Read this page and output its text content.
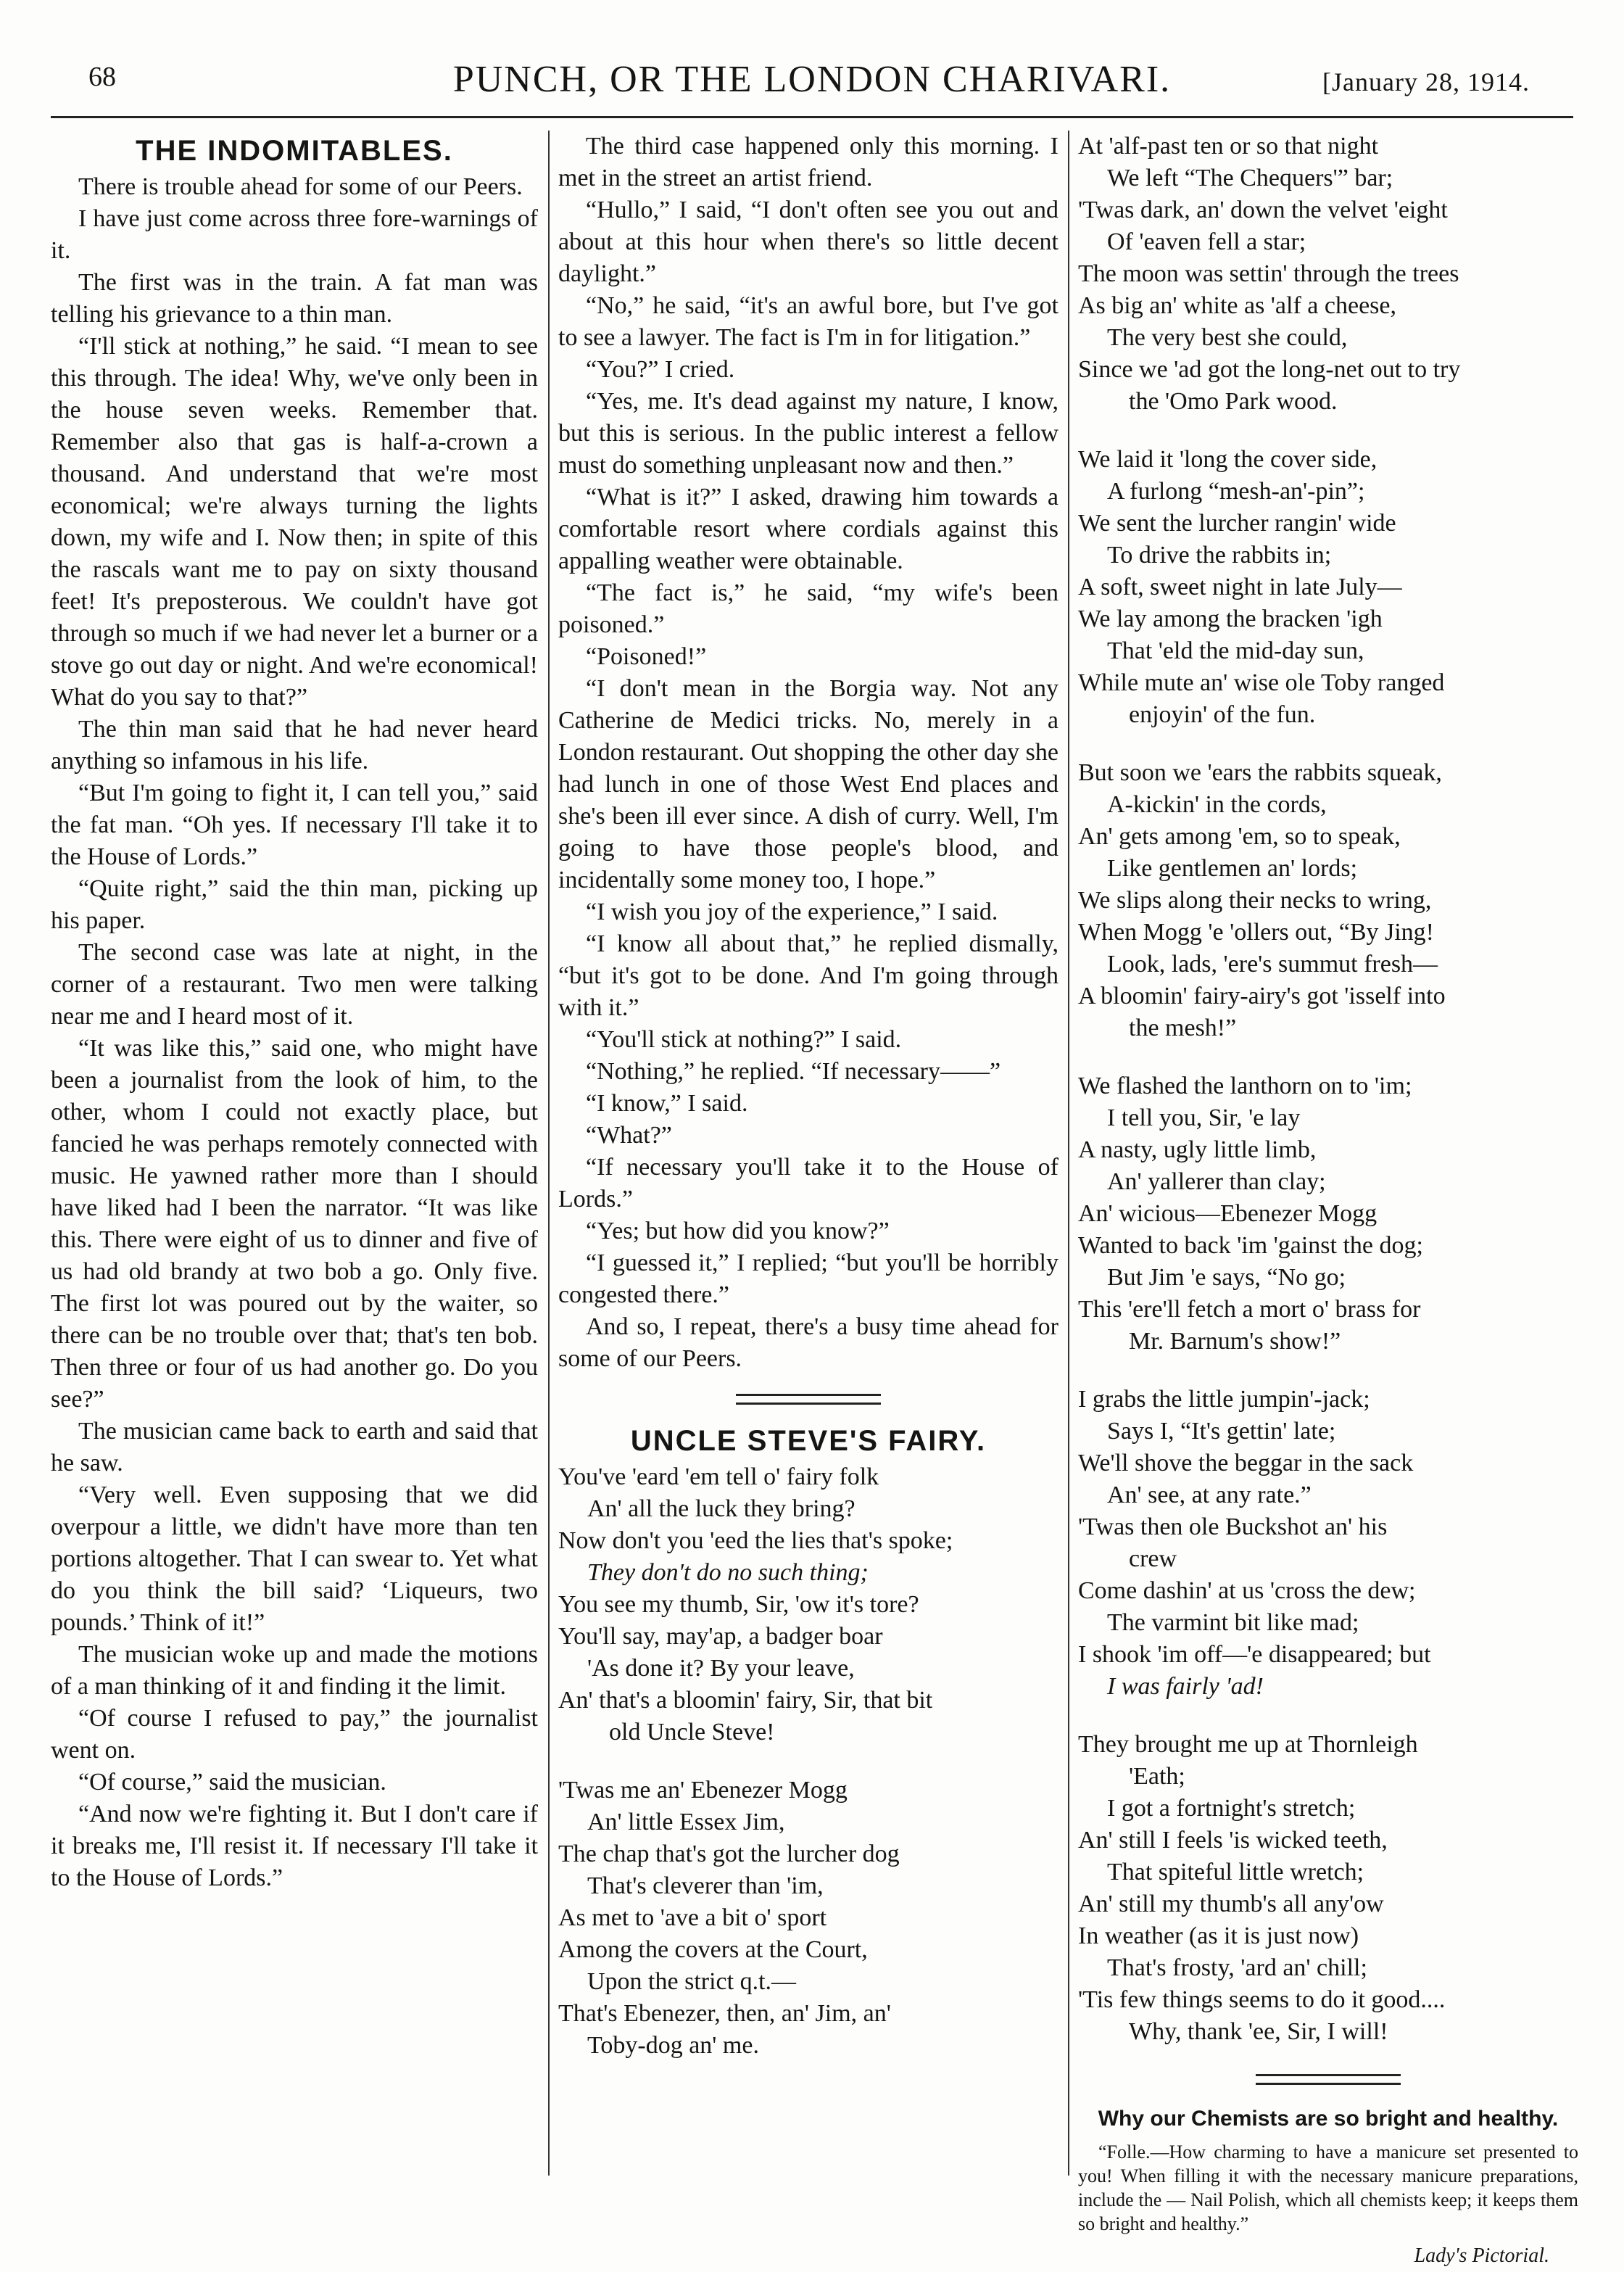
68	PUNCH, OR THE LONDON CHARIVARI.	[January 28, 1914.
THE INDOMITABLES.

There is trouble ahead for some of our Peers.

I have just come across three fore-warnings of it.

The first was in the train. A fat man was telling his grievance to a thin man.

“I'll stick at nothing,” he said. “I mean to see this through. The idea! Why, we've only been in the house seven weeks. Remember that. Remember also that gas is half-a-crown a thousand. And understand that we're most economical; we're always turning the lights down, my wife and I. Now then; in spite of this the rascals want me to pay on sixty thousand feet! It's preposterous. We couldn't have got through so much if we had never let a burner or a stove go out day or night. And we're economical! What do you say to that?”

The thin man said that he had never heard anything so infamous in his life.

“But I'm going to fight it, I can tell you,” said the fat man. “Oh yes. If necessary I'll take it to the House of Lords.”

“Quite right,” said the thin man, picking up his paper.

The second case was late at night, in the corner of a restaurant. Two men were talking near me and I heard most of it.

“It was like this,” said one, who might have been a journalist from the look of him, to the other, whom I could not exactly place, but fancied he was perhaps remotely connected with music. He yawned rather more than I should have liked had I been the narrator. “It was like this. There were eight of us to dinner and five of us had old brandy at two bob a go. Only five. The first lot was poured out by the waiter, so there can be no trouble over that; that's ten bob. Then three or four of us had another go. Do you see?”

The musician came back to earth and said that he saw.

“Very well. Even supposing that we did overpour a little, we didn't have more than ten portions altogether. That I can swear to. Yet what do you think the bill said? ‘Liqueurs, two pounds.’ Think of it!”

The musician woke up and made the motions of a man thinking of it and finding it the limit.

“Of course I refused to pay,” the journalist went on.

“Of course,” said the musician.

“And now we're fighting it. But I don't care if it breaks me, I'll resist it. If necessary I'll take it to the House of Lords.”

The third case happened only this morning. I met in the street an artist friend.

“Hullo,” I said, “I don't often see you out and about at this hour when there's so little decent daylight.”

“No,” he said, “it's an awful bore, but I've got to see a lawyer. The fact is I'm in for litigation.”

“You?” I cried.

“Yes, me. It's dead against my nature, I know, but this is serious. In the public interest a fellow must do something unpleasant now and then.”

“What is it?” I asked, drawing him towards a comfortable resort where cordials against this appalling weather were obtainable.

“The fact is,” he said, “my wife's been poisoned.”

“Poisoned!”

“I don't mean in the Borgia way. Not any Catherine de Medici tricks. No, merely in a London restaurant. Out shopping the other day she had lunch in one of those West End places and she's been ill ever since. A dish of curry. Well, I'm going to have those people's blood, and incidentally some money too, I hope.”

“I wish you joy of the experience,” I said.

“I know all about that,” he replied dismally, “but it's got to be done. And I'm going through with it.”

“You'll stick at nothing?” I said.

“Nothing,” he replied. “If necessary——”

“I know,” I said.

“What?”

“If necessary you'll take it to the House of Lords.”

“Yes; but how did you know?”

“I guessed it,” I replied; “but you'll be horribly congested there.”

And so, I repeat, there's a busy time ahead for some of our Peers.

UNCLE STEVE'S FAIRY.
You've 'eard 'em tell o' fairy folk
An' all the luck they bring?
Now don't you 'eed the lies that's spoke;
They don't do no such thing;
You see my thumb, Sir, 'ow it's tore?
You'll say, may'ap, a badger boar
'As done it? By your leave,
An' that's a bloomin' fairy, Sir, that bit
old Uncle Steve!
'Twas me an' Ebenezer Mogg
An' little Essex Jim,
The chap that's got the lurcher dog
That's cleverer than 'im,
As met to 'ave a bit o' sport
Among the covers at the Court,
Upon the strict q.t.—
That's Ebenezer, then, an' Jim, an'
Toby-dog an' me.
At 'alf-past ten or so that night
We left “The Chequers'” bar;
'Twas dark, an' down the velvet 'eight
Of 'eaven fell a star;
The moon was settin' through the trees
As big an' white as 'alf a cheese,
The very best she could,
Since we 'ad got the long-net out to try
the 'Omo Park wood.
We laid it 'long the cover side,
A furlong “mesh-an'-pin”;
We sent the lurcher rangin' wide
To drive the rabbits in;
A soft, sweet night in late July—
We lay among the bracken 'igh
That 'eld the mid-day sun,
While mute an' wise ole Toby ranged
enjoyin' of the fun.
But soon we 'ears the rabbits squeak,
A-kickin' in the cords,
An' gets among 'em, so to speak,
Like gentlemen an' lords;
We slips along their necks to wring,
When Mogg 'e 'ollers out, “By Jing!
Look, lads, 'ere's summut fresh—
A bloomin' fairy-airy's got 'isself into
the mesh!”
We flashed the lanthorn on to 'im;
I tell you, Sir, 'e lay
A nasty, ugly little limb,
An' yallerer than clay;
An' wicious—Ebenezer Mogg
Wanted to back 'im 'gainst the dog;
But Jim 'e says, “No go;
This 'ere'll fetch a mort o' brass for
Mr. Barnum's show!”
I grabs the little jumpin'-jack;
Says I, “It's gettin' late;
We'll shove the beggar in the sack
An' see, at any rate.”
'Twas then ole Buckshot an' his
crew
Come dashin' at us 'cross the dew;
The varmint bit like mad;
I shook 'im off—'e disappeared; but
I was fairly 'ad!
They brought me up at Thornleigh
'Eath;
I got a fortnight's stretch;
An' still I feels 'is wicked teeth,
That spiteful little wretch;
An' still my thumb's all any'ow
In weather (as it is just now)
That's frosty, 'ard an' chill;
'Tis few things seems to do it good....
Why, thank 'ee, Sir, I will!
Why our Chemists are so bright and healthy.
“Folle.—How charming to have a manicure set presented to you! When filling it with the necessary manicure preparations, include the — Nail Polish, which all chemists keep; it keeps them so bright and healthy.”
Lady's Pictorial.
